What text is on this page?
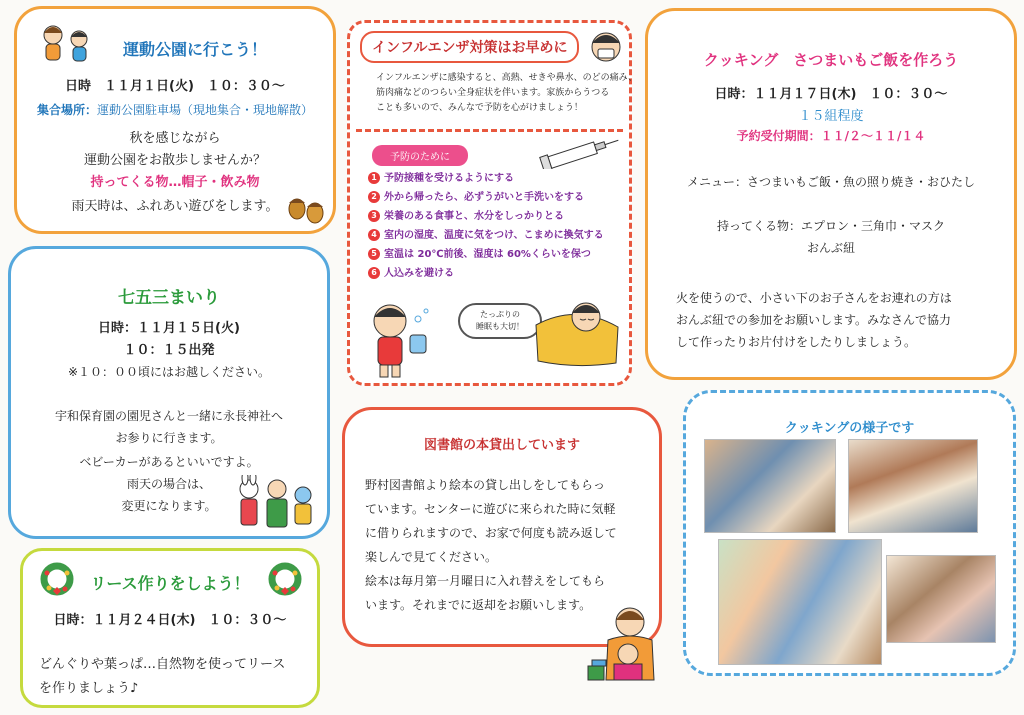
運動公園に行こう！
日時　１１月１日(火)　１０：３０～
集合場所：運動公園駐車場（現地集合・現地解散）
秋を感じながら
運動公園をお散歩しませんか？
持ってくる物…帽子・飲み物
雨天時は、ふれあい遊びをします。
七五三まいり
日時：１１月１５日(火)
１０：１５出発
※１０：００頃にはお越しください。
宇和保育園の園児さんと一緒に永長神社へ
お参りに行きます。
ベビーカーがあるといいですよ。
雨天の場合は、
変更になります。
リース作りをしよう！
日時：１１月２４日(木)　１０：３０～
どんぐりや葉っぱ…自然物を使ってリース
を作りましょう♪
インフルエンザ対策はお早めに
インフルエンザに感染すると、高熱、せきや鼻水、のどの痛み、
筋肉痛などのつらい全身症状を伴います。家族からうつる
ことも多いので、みんなで予防を心がけましょう！
予防のために
1 予防接種を受けるようにする
2 外から帰ったら、必ずうがいと手洗いをする
3 栄養のある食事と、水分をしっかりとる
4 室内の湿度、温度に気をつけ、こまめに換気する
5 室温は 20℃前後、湿度は 60%くらいを保つ
6 人込みを避ける
たっぷりの
睡眠も大切！
クッキング　さつまいもご飯を作ろう
日時：１１月１７日(木)　１０：３０～
１５組程度
予約受付期間：１１/２～１１/１４
メニュー：さつまいもご飯・魚の照り焼き・おひたし
持ってくる物：エプロン・三角巾・マスク
おんぶ紐
火を使うので、小さい下のお子さんをお連れの方は
おんぶ紐での参加をお願いします。みなさんで協力
して作ったりお片付けをしたりしましょう。
図書館の本貸出しています
野村図書館より絵本の貸し出しをしてもらっ
ています。センターに遊びに来られた時に気軽
に借りられますので、お家で何度も読み返して
楽しんで見てください。
絵本は毎月第一月曜日に入れ替えをしてもら
います。それまでに返却をお願いします。
クッキングの様子です
